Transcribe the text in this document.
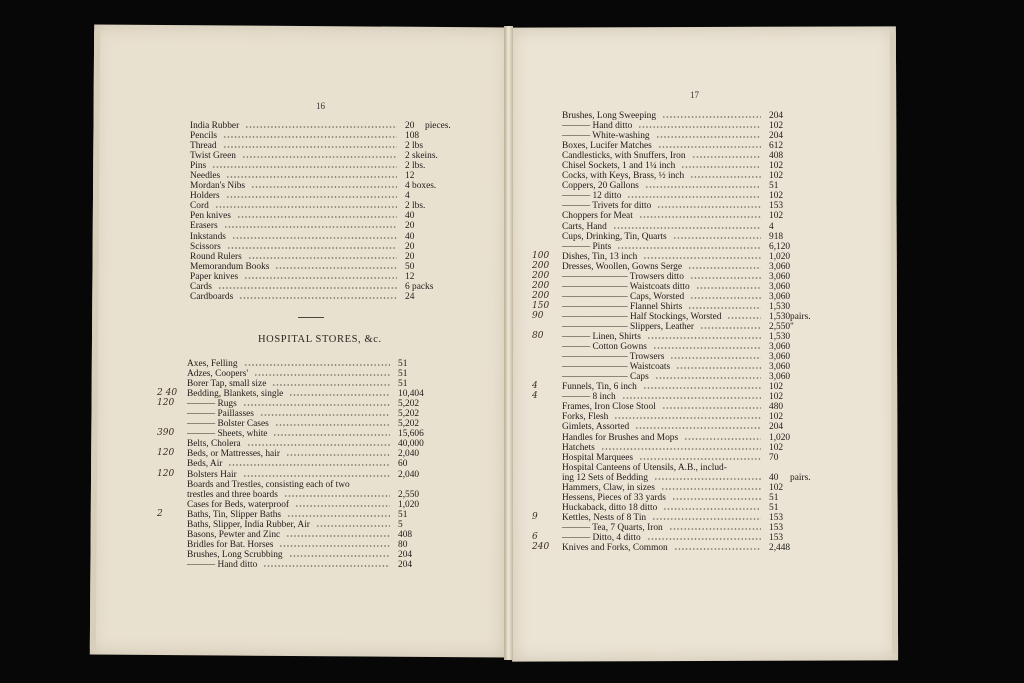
16
17
India Rubber	20 pieces.
Pencils	108
Thread	2 lbs
Twist Green	2 skeins.
Pins	2 lbs.
Needles	12
Mordan's Nibs	4 boxes.
Holders	4
Cord	2 lbs.
Pen knives	40
Erasers	20
Inkstands	40
Scissors	20
Round Rulers	20
Memorandum Books	50
Paper knives	12
Cards	6 packs
Cardboards	24
HOSPITAL STORES, &c.
Axes, Felling	51
Adzes, Coopers'	51
Borer Tap, small size	51
2 40 Bedding, Blankets, single	10,404
120 ——— Rugs	5,202
——— Paillasses	5,202
——— Bolster Cases	5,202
390 ——— Sheets, white	15,606
Belts, Cholera	40,000
120 Beds, or Mattresses, hair	2,040
Beds, Air	60
120 Bolsters Hair	2,040
Boards and Trestles, consisting each of two
trestles and three boards	2,550
Cases for Beds, waterproof	1,020
2	Baths, Tin, Slipper Baths	51
Baths, Slipper, India Rubber, Air	5
Basons, Pewter and Zinc	408
Bridles for Bat. Horses	80
Brushes, Long Scrubbing	204
——— Hand ditto	204
Brushes, Long Sweeping	204
——— Hand ditto	102
——— White-washing	204
Boxes, Lucifer Matches	612
Candlesticks, with Snuffers, Iron	408
Chisel Sockets, 1 and 1¼ inch	102
Cocks, with Keys, Brass, ½ inch	102
Coppers, 20 Gallons	51
——— 12 ditto	102
——— Trivets for ditto	153
Choppers for Meat	102
Carts, Hand	4
Cups, Drinking, Tin, Quarts	918
——— Pints	6,120
100 Dishes, Tin, 13 inch	1,020
200 Dresses, Woollen, Gowns Serge	3,060
200 ——————— Trowsers ditto	3,060
200 ——————— Waistcoats ditto	3,060
200 ——————— Caps, Worsted	3,060
150 ——————— Flannel Shirts	1,530
90 ——————— Half Stockings, Worsted	1,530 pairs.
——————— Slippers, Leather	2,550 "
80 ——— Linen, Shirts	1,530
——— Cotton Gowns	3,060
——————— Trowsers	3,060
——————— Waistcoats	3,060
——————— Caps	3,060
4	Funnels, Tin, 6 inch	102
4	——— 8 inch	102
Frames, Iron Close Stool	480
Forks, Flesh	102
Gimlets, Assorted	204
Handles for Brushes and Mops	1,020
Hatchets	102
Hospital Marquees	70
Hospital Canteens of Utensils, A.B., includ-
ing 12 Sets of Bedding	40 pairs.
Hammers, Claw, in sizes	102
Hessens, Pieces of 33 yards	51
Huckaback, ditto 18 ditto	51
9	Kettles, Nests of 8 Tin	153
——— Tea, 7 Quarts, Iron	153
6	——— Ditto, 4 ditto	153
240 Knives and Forks, Common	2,448
